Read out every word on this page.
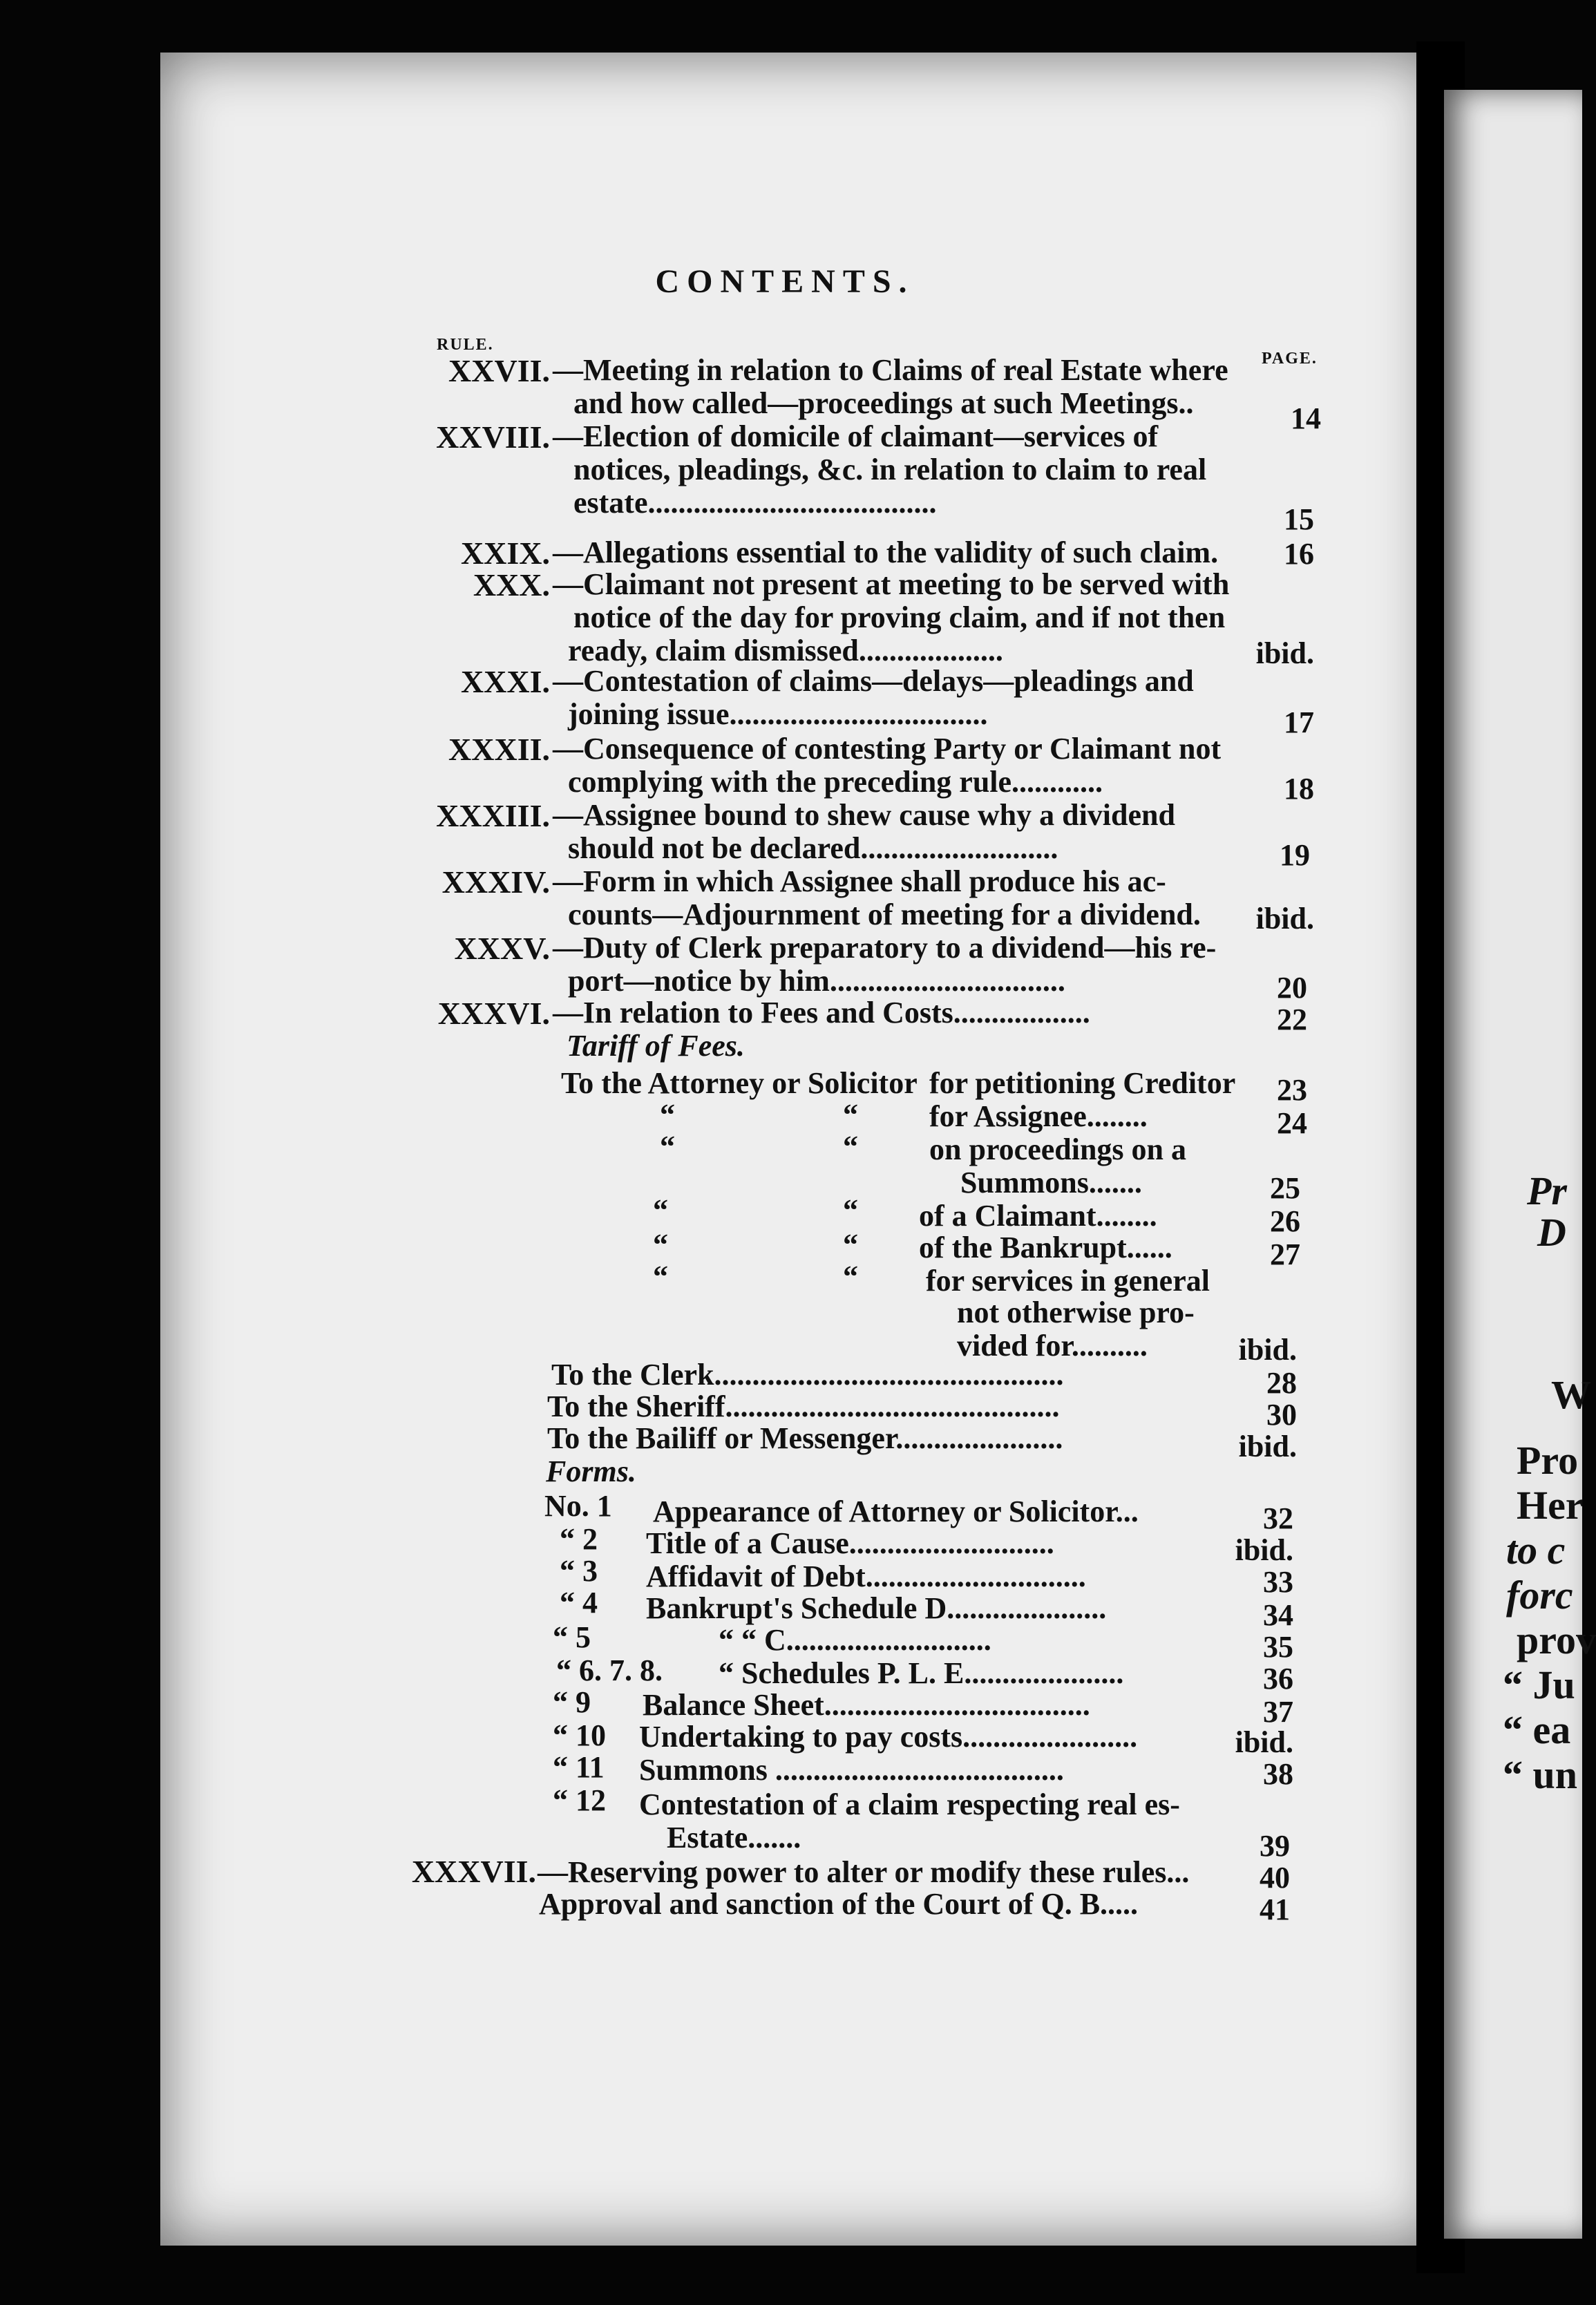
Pr
D
W
Pro
Her
to c
forc
prov
“ Ju
“ ea
“ un
CONTENTS.
RULE.
PAGE.
XXVII. —Meeting in relation to Claims of real Estate where
and how called—proceedings at such Meetings..	14
XXVIII. —Election of domicile of claimant—services of
notices, pleadings, &c. in relation to claim to real
estate......................................	15
XXIX. —Allegations essential to the validity of such claim. 16
XXX. —Claimant not present at meeting to be served with
notice of the day for proving claim, and if not then
ready, claim dismissed...................	ibid.
XXXI. —Contestation of claims—delays—pleadings and
joining issue..................................	17
XXXII. —Consequence of contesting Party or Claimant not
complying with the preceding rule............	18
XXXIII. —Assignee bound to shew cause why a dividend
should not be declared..........................	19
XXXIV. —Form in which Assignee shall produce his ac-
counts—Adjournment of meeting for a dividend. ibid.
XXXV. —Duty of Clerk preparatory to a dividend—his re-
port—notice by him...............................	20
XXXVI. —In relation to Fees and Costs..................	22
Tariff of Fees.
To the Attorney or Solicitor for petitioning Creditor 23
“	“ for Assignee........	24
“	“ on proceedings on a
Summons.......	25
“	“ of a Claimant........	26
“	“ of the Bankrupt......	27
“	“ for services in general
not otherwise pro-
vided for..........	ibid.
To the Clerk..............................................	28
To the Sheriff............................................	30
To the Bailiff or Messenger......................	ibid.
Forms.
No. 1 Appearance of Attorney or Solicitor...	32
“ 2 Title of a Cause...........................	ibid.
“ 3 Affidavit of Debt.............................	33
“ 4 Bankrupt's Schedule D.....................	34
“ 5	“ “ C...........................	35
“ 6. 7. 8. “ Schedules P. L. E.....................	36
“ 9 Balance Sheet...................................	37
“ 10 Undertaking to pay costs.......................	ibid.
“ 11 Summons ......................................	38
“ 12 Contestation of a claim respecting real es-
Estate.......	39
XXXVII. —Reserving power to alter or modify these rules... 40
Approval and sanction of the Court of Q. B.....	41
